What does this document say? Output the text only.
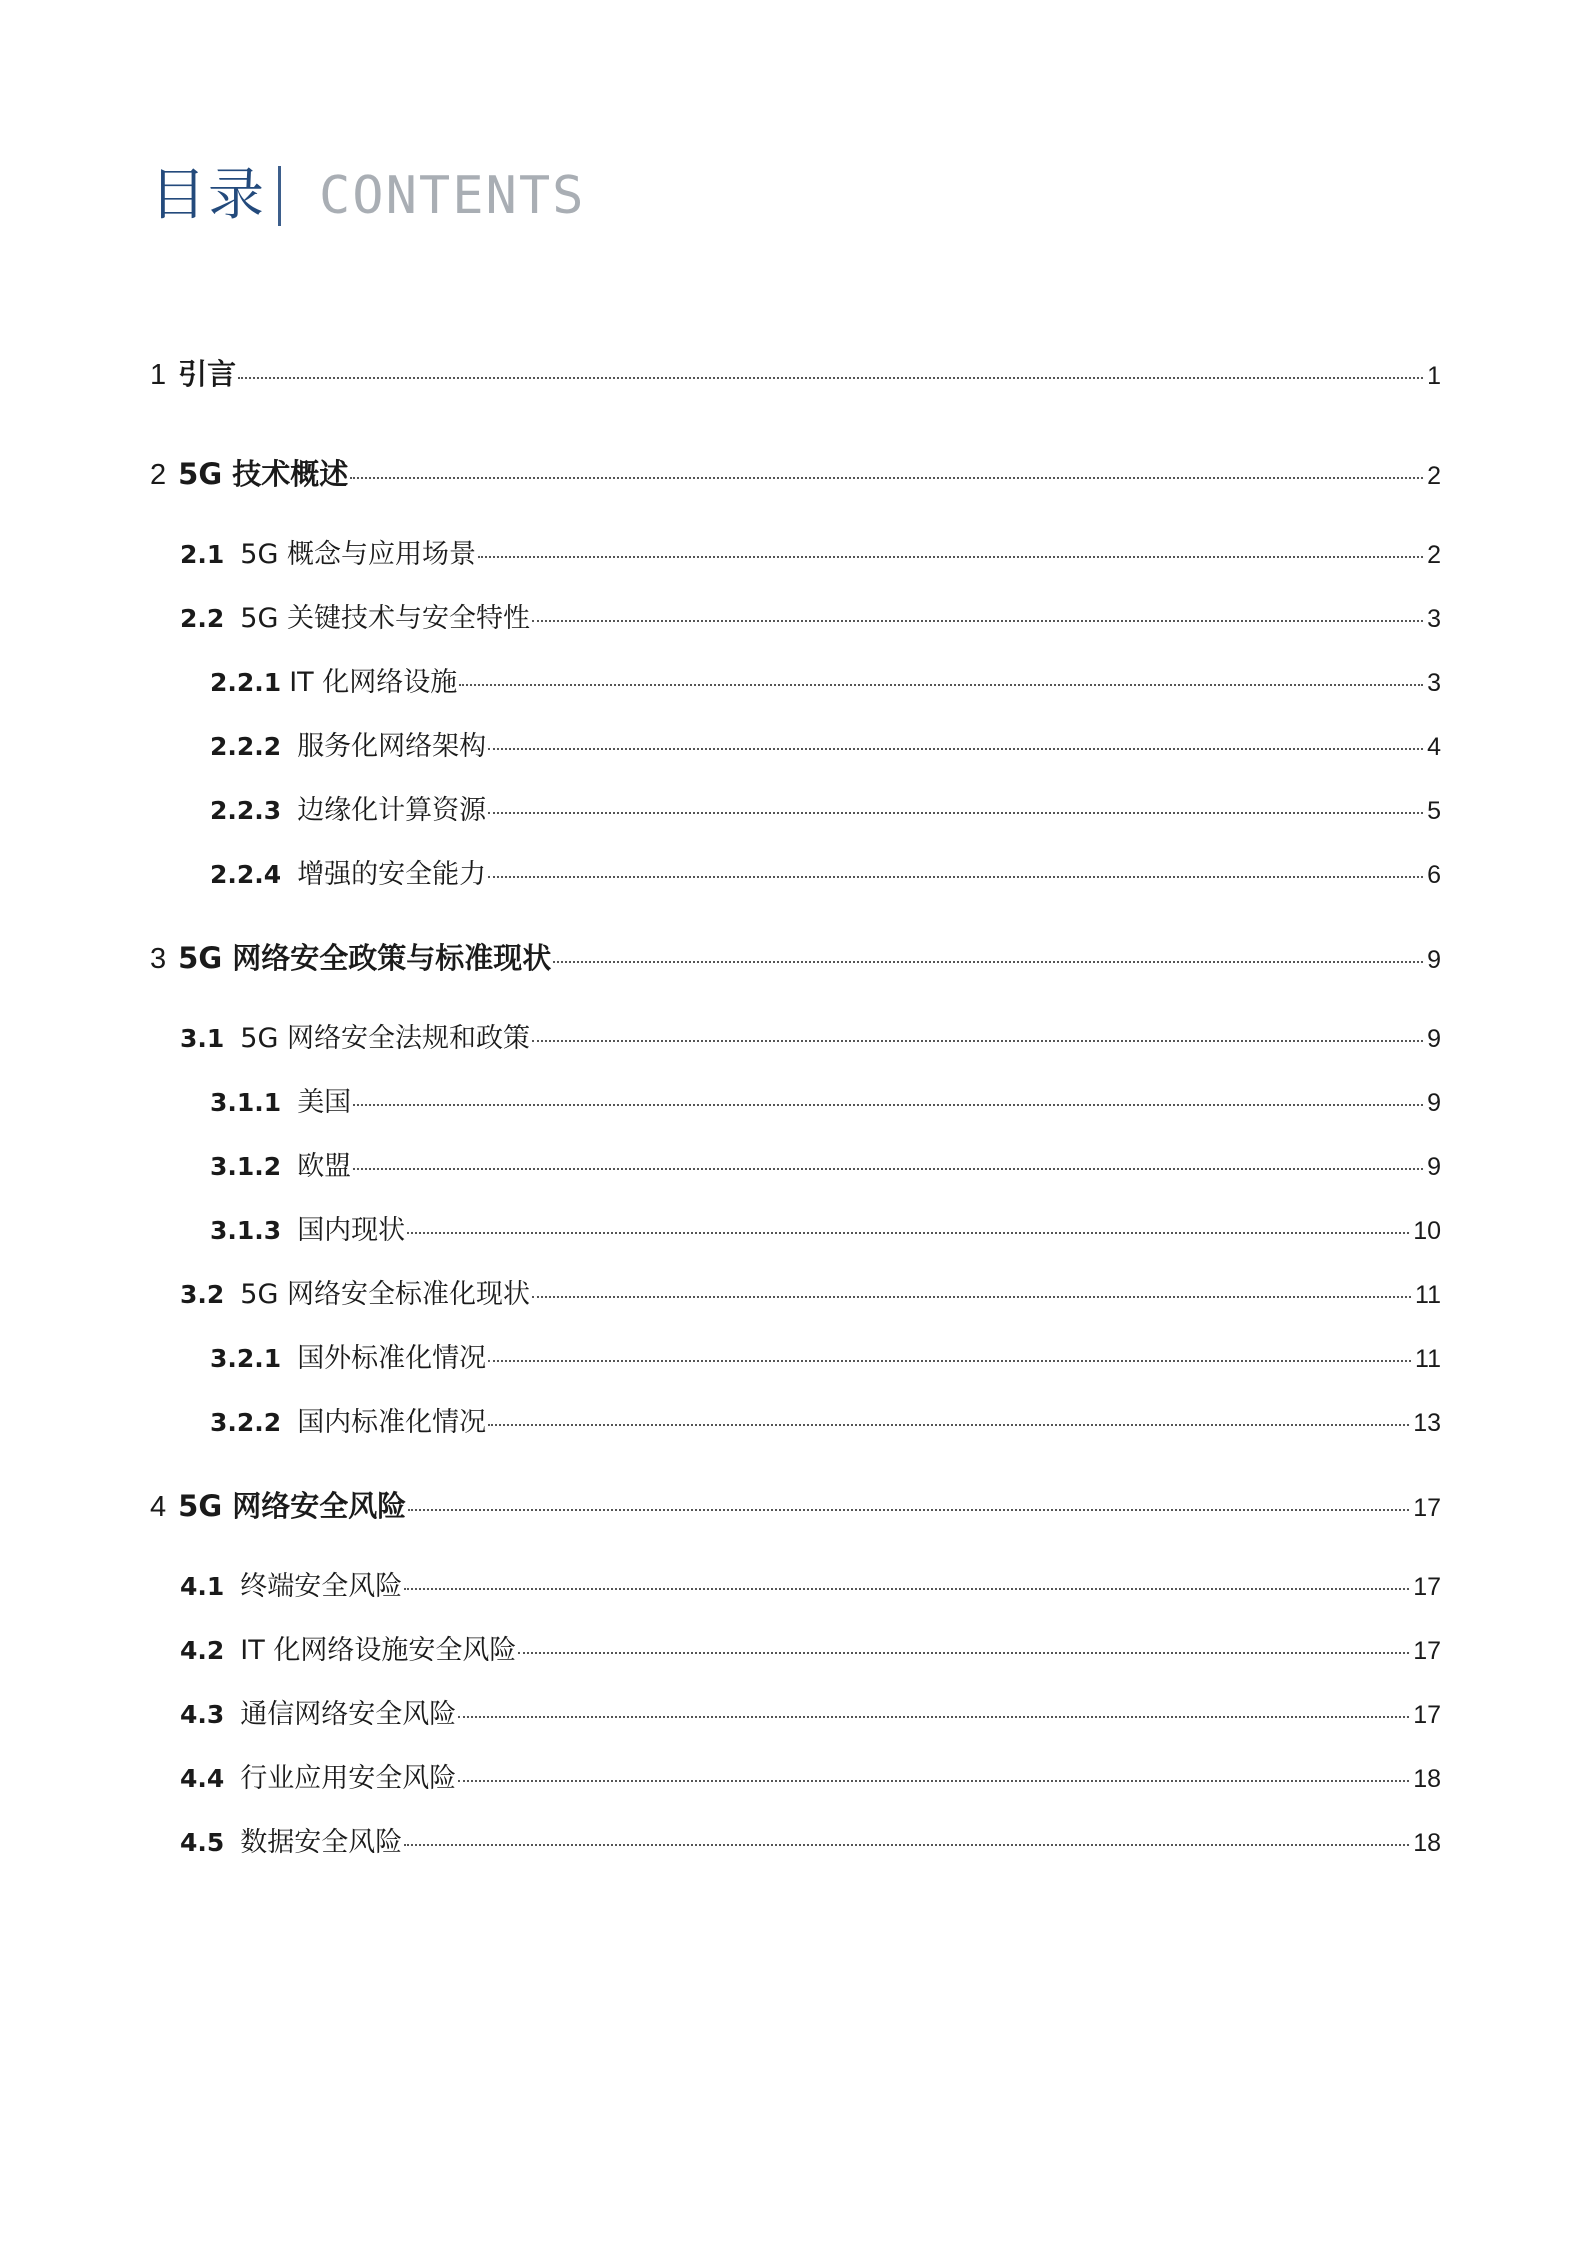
目录 CONTENTS
1 引言	1
2 5G 技术概述	2
2.1 5G 概念与应用场景	2
2.2 5G 关键技术与安全特性	3
2.2.1 IT 化网络设施	3
2.2.2 服务化网络架构	4
2.2.3 边缘化计算资源	5
2.2.4 增强的安全能力	6
3 5G 网络安全政策与标准现状	9
3.1 5G 网络安全法规和政策	9
3.1.1 美国	9
3.1.2 欧盟	9
3.1.3 国内现状	10
3.2 5G 网络安全标准化现状	11
3.2.1 国外标准化情况	11
3.2.2 国内标准化情况	13
4 5G 网络安全风险	17
4.1 终端安全风险	17
4.2 IT 化网络设施安全风险	17
4.3 通信网络安全风险	17
4.4 行业应用安全风险	18
4.5 数据安全风险	18
